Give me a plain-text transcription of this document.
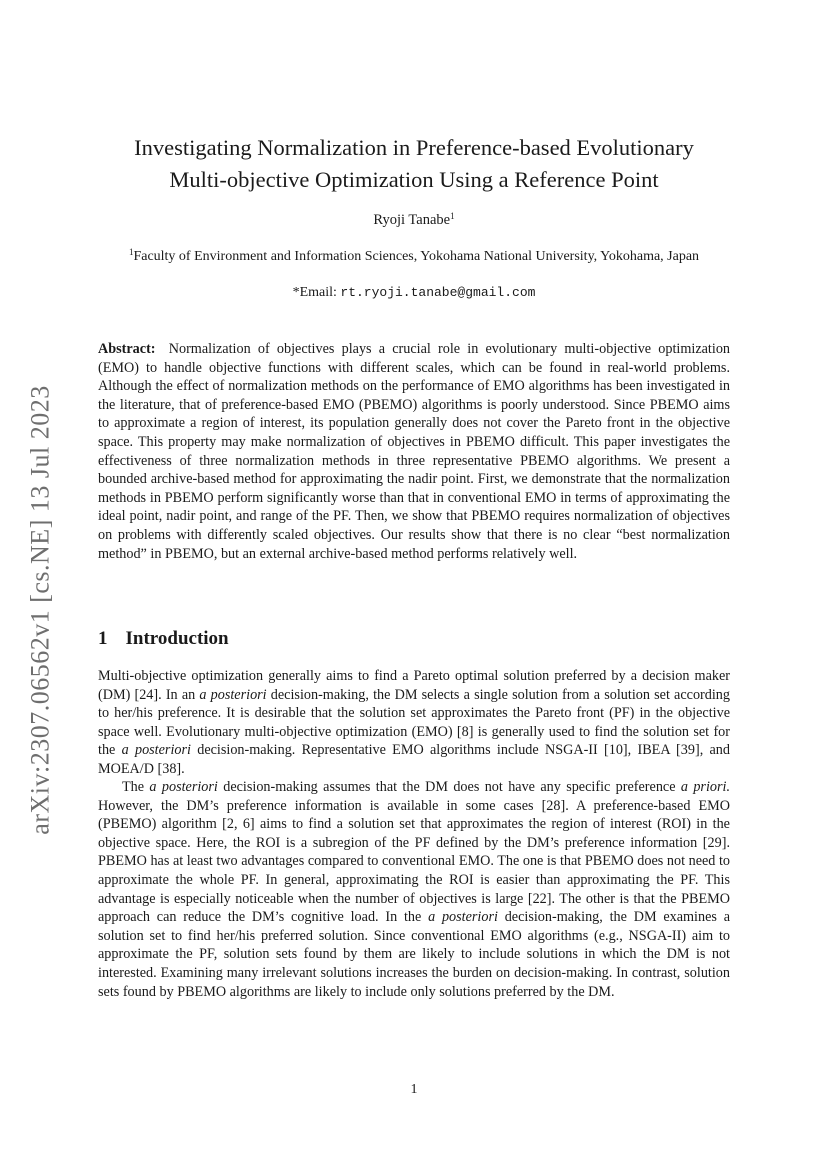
arXiv:2307.06562v1 [cs.NE] 13 Jul 2023
Investigating Normalization in Preference-based Evolutionary
Multi-objective Optimization Using a Reference Point
Ryoji Tanabe$^1$
$^1$Faculty of Environment and Information Sciences, Yokohama National University, Yokohama, Japan
*Email: rt.ryoji.tanabe@gmail.com

Abstract: Normalization of objectives plays a crucial role in evolutionary multi-objective optimization (EMO) to handle objective functions with different scales, which can be found in real-world problems. Although the effect of normalization methods on the performance of EMO algorithms has been investigated in the literature, that of preference-based EMO (PBEMO) algorithms is poorly understood. Since PBEMO aims to approximate a region of interest, its population generally does not cover the Pareto front in the objective space. This property may make normalization of objectives in PBEMO difficult. This paper investigates the effectiveness of three normalization methods in three representative PBEMO algorithms. We present a bounded archive-based method for approximating the nadir point. First, we demonstrate that the normalization methods in PBEMO perform significantly worse than that in conventional EMO in terms of approximating the ideal point, nadir point, and range of the PF. Then, we show that PBEMO requires normalization of objectives on problems with differently scaled objectives. Our results show that there is no clear “best normalization method” in PBEMO, but an external archive-based method performs relatively well.

1 Introduction

Multi-objective optimization generally aims to find a Pareto optimal solution preferred by a decision maker (DM) [24]. In an a posteriori decision-making, the DM selects a single solution from a solution set according to her/his preference. It is desirable that the solution set approximates the Pareto front (PF) in the objective space well. Evolutionary multi-objective optimization (EMO) [8] is generally used to find the solution set for the a posteriori decision-making. Representative EMO algorithms include NSGA-II [10], IBEA [39], and MOEA/D [38].

The a posteriori decision-making assumes that the DM does not have any specific preference a priori. However, the DM’s preference information is available in some cases [28]. A preference-based EMO (PBEMO) algorithm [2, 6] aims to find a solution set that approximates the region of interest (ROI) in the objective space. Here, the ROI is a subregion of the PF defined by the DM’s preference information [29]. PBEMO has at least two advantages compared to conventional EMO. The one is that PBEMO does not need to approximate the whole PF. In general, approximating the ROI is easier than approximating the PF. This advantage is especially noticeable when the number of objectives is large [22]. The other is that the PBEMO approach can reduce the DM’s cognitive load. In the a posteriori decision-making, the DM examines a solution set to find her/his preferred solution. Since conventional EMO algorithms (e.g., NSGA-II) aim to approximate the PF, solution sets found by them are likely to include solutions in which the DM is not interested. Examining many irrelevant solutions increases the burden on decision-making. In contrast, solution sets found by PBEMO algorithms are likely to include only solutions preferred by the DM.

1
